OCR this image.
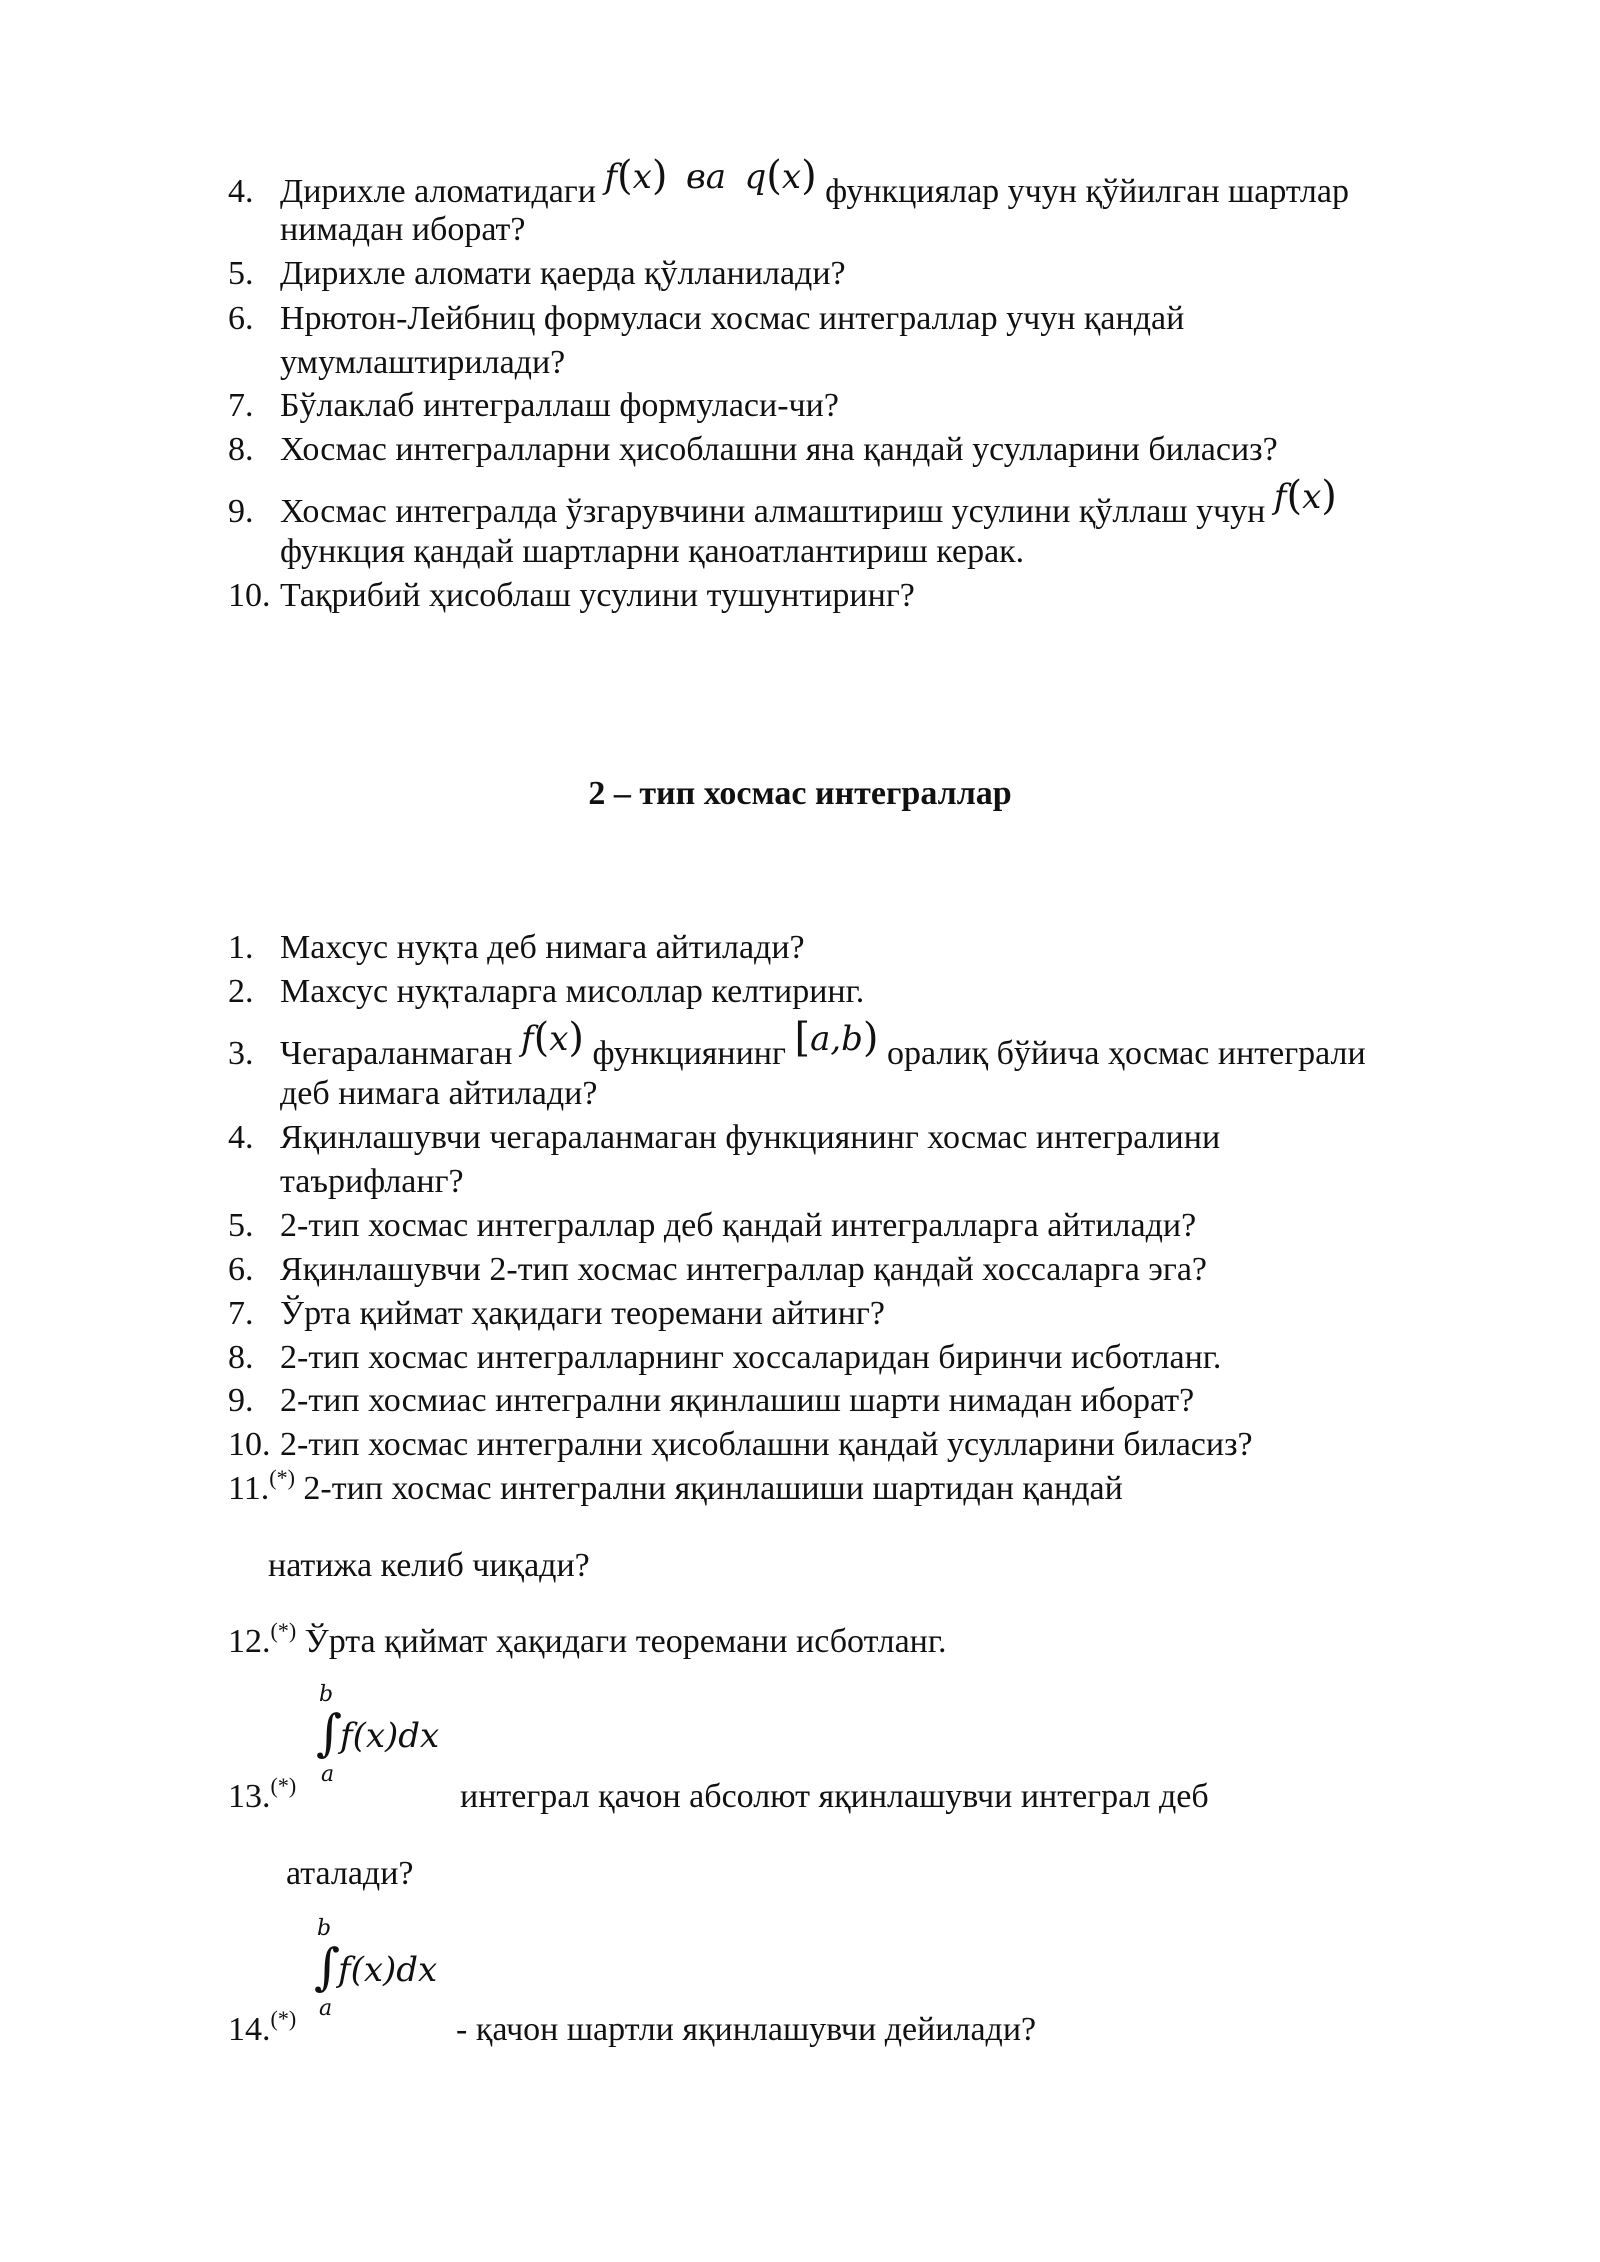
4. Дирихле аломатидаги f(x) ва q(x) функциялар учун қўйилган шартлар
нимадан иборат?
5. Дирихле аломати қаерда қўлланилади?
6. Нрютон-Лейбниц формуласи хосмас интеграллар учун қандай
умумлаштирилади?
7. Бўлаклаб интеграллаш формуласи-чи?
8. Хосмас интегралларни ҳисоблашни яна қандай усулларини биласиз?
9. Хосмас интегралда ўзгарувчини алмаштириш усулини қўллаш учун f(x)
функция қандай шартларни қаноатлантириш керак.
10. Тақрибий ҳисоблаш усулини тушунтиринг?
2 – тип хосмас интеграллар
1. Махсус нуқта деб нимага айтилади?
2. Махсус нуқталарга мисоллар келтиринг.
3. Чегараланмаган f(x) функциянинг [a,b) оралиқ бўйича ҳосмас интеграли
деб нимага айтилади?
4. Яқинлашувчи чегараланмаган функциянинг хосмас интегралини
таърифланг?
5. 2-тип хосмас интеграллар деб қандай интегралларга айтилади?
6. Яқинлашувчи 2-тип хосмас интеграллар қандай хоссаларга эга?
7. Ўрта қиймат ҳақидаги теоремани айтинг?
8. 2-тип хосмас интегралларнинг хоссаларидан биринчи исботланг.
9. 2-тип хосмиас интегрални яқинлашиш шарти нимадан иборат?
10. 2-тип хосмас интегрални ҳисоблашни қандай усулларини биласиз?
11.(*) 2-тип хосмас интегрални яқинлашиши шартидан қандай
натижа келиб чиқади?
12.(*) Ўрта қиймат ҳақидаги теоремани исботланг.
b
∫
a
f(x)dx
13.(*)	интеграл қачон абсолют яқинлашувчи интеграл деб
аталади?
b
∫
a
f(x)dx
14.(*)	- қачон шартли яқинлашувчи дейилади?
